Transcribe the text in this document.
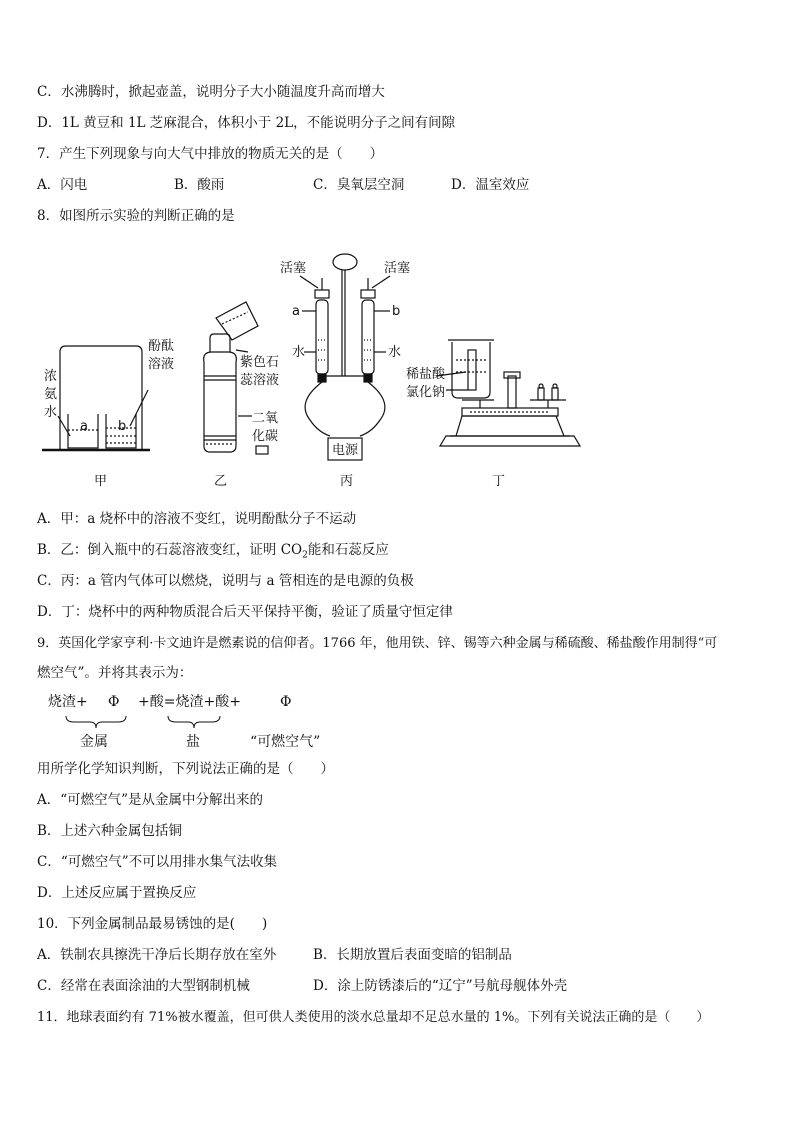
C．水沸腾时，掀起壶盖，说明分子大小随温度升高而增大
D．1L 黄豆和 1L 芝麻混合，体积小于 2L，不能说明分子之间有间隙
7．产生下列现象与向大气中排放的物质无关的是（　　）
A．闪电	B．酸雨	C．臭氧层空洞	D．温室效应
8．如图所示实验的判断正确的是
浓
氨
水
酚酞
溶液
a b
甲
紫色石
蕊溶液
二氧
化碳
乙
活塞	活塞
a	b
水	水
电源
丙
稀盐酸
氯化钠
丁
A．甲：a 烧杯中的溶液不变红，说明酚酞分子不运动
B．乙：倒入瓶中的石蕊溶液变红，证明 $CO_2$能和石蕊反应
C．丙：a 管内气体可以燃烧，说明与 a 管相连的是电源的负极
D．丁：烧杯中的两种物质混合后天平保持平衡，验证了质量守恒定律
9．英国化学家亨利·卡文迪许是燃素说的信仰者。1766 年，他用铁、锌、锡等六种金属与稀硫酸、稀盐酸作用制得“可
燃空气”。并将其表示为：
烧渣+ Φ +酸=烧渣+酸+	Φ
金属	盐	“可燃空气”
用所学化学知识判断，下列说法正确的是（　　）
A．“可燃空气”是从金属中分解出来的
B．上述六种金属包括铜
C．“可燃空气”不可以用排水集气法收集
D．上述反应属于置换反应
10．下列金属制品最易锈蚀的是(　　)
A．铁制农具擦洗干净后长期存放在室外	B．长期放置后表面变暗的铝制品
C．经常在表面涂油的大型钢制机械	D．涂上防锈漆后的“辽宁”号航母舰体外壳
11．地球表面约有 71%被水覆盖，但可供人类使用的淡水总量却不足总水量的 1%。下列有关说法正确的是（　　）
